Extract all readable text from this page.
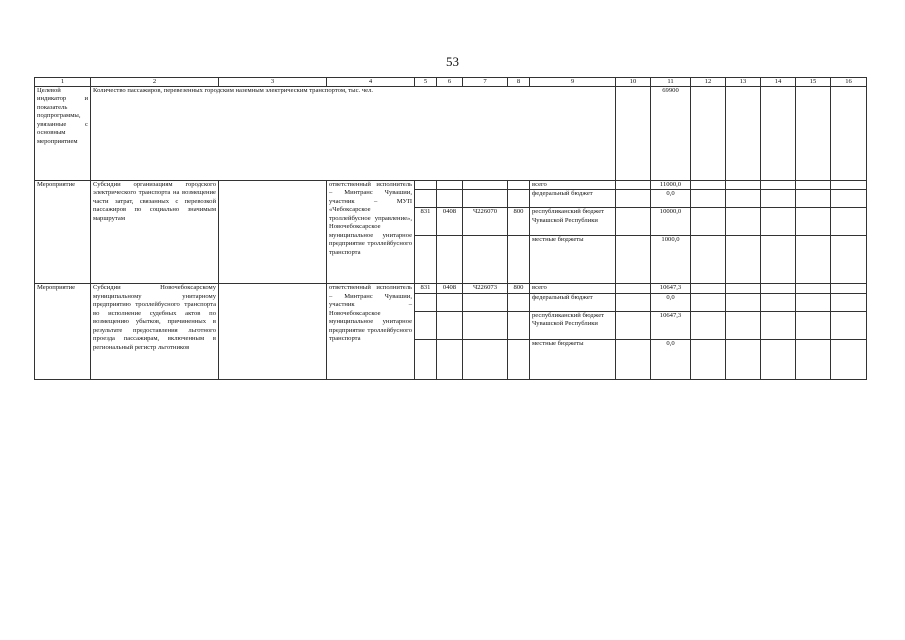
53
1	2	3	4	5	6	7	8	9	10	11	12	13	14	15	16
Целевой индикатор и показатель подпрограммы, увязанные с основным мероприятием	Количество пассажиров, перевезенных городским наземным электрическим транспортом, тыс. чел.									69900					
Мероприятие	Субсидии организациям городского электрического транспорта на возмещение части затрат, связанных с перевозкой пассажиров по социально значимым маршрутам		ответственный исполнитель – Минтранс Чувашии, участник – МУП «Чебоксарское троллейбусное управление», Новочебоксарское муниципальное унитарное предприятие троллейбусного транспорта					всего		11000,0					
								федеральный бюджет		0,0					
				831	0408	Ч226070	800	республиканский бюджет Чувашской Республики		10000,0					
								местные бюджеты		1000,0					
Мероприятие	Субсидии Новочебоксарскому муниципальному унитарному предприятию троллейбусного транспорта во исполнение судебных актов по возмещению убытков, причиненных в результате предоставления льготного проезда пассажирам, включенным в региональный регистр льготников		ответственный исполнитель – Минтранс Чувашии, участник – Новочебоксарское муниципальное унитарное предприятие троллейбусного транспорта	831	0408	Ч226073	800	всего		10647,3					
								федеральный бюджет		0,0					
								республиканский бюджет Чувашской Республики		10647,3					
								местные бюджеты		0,0					
